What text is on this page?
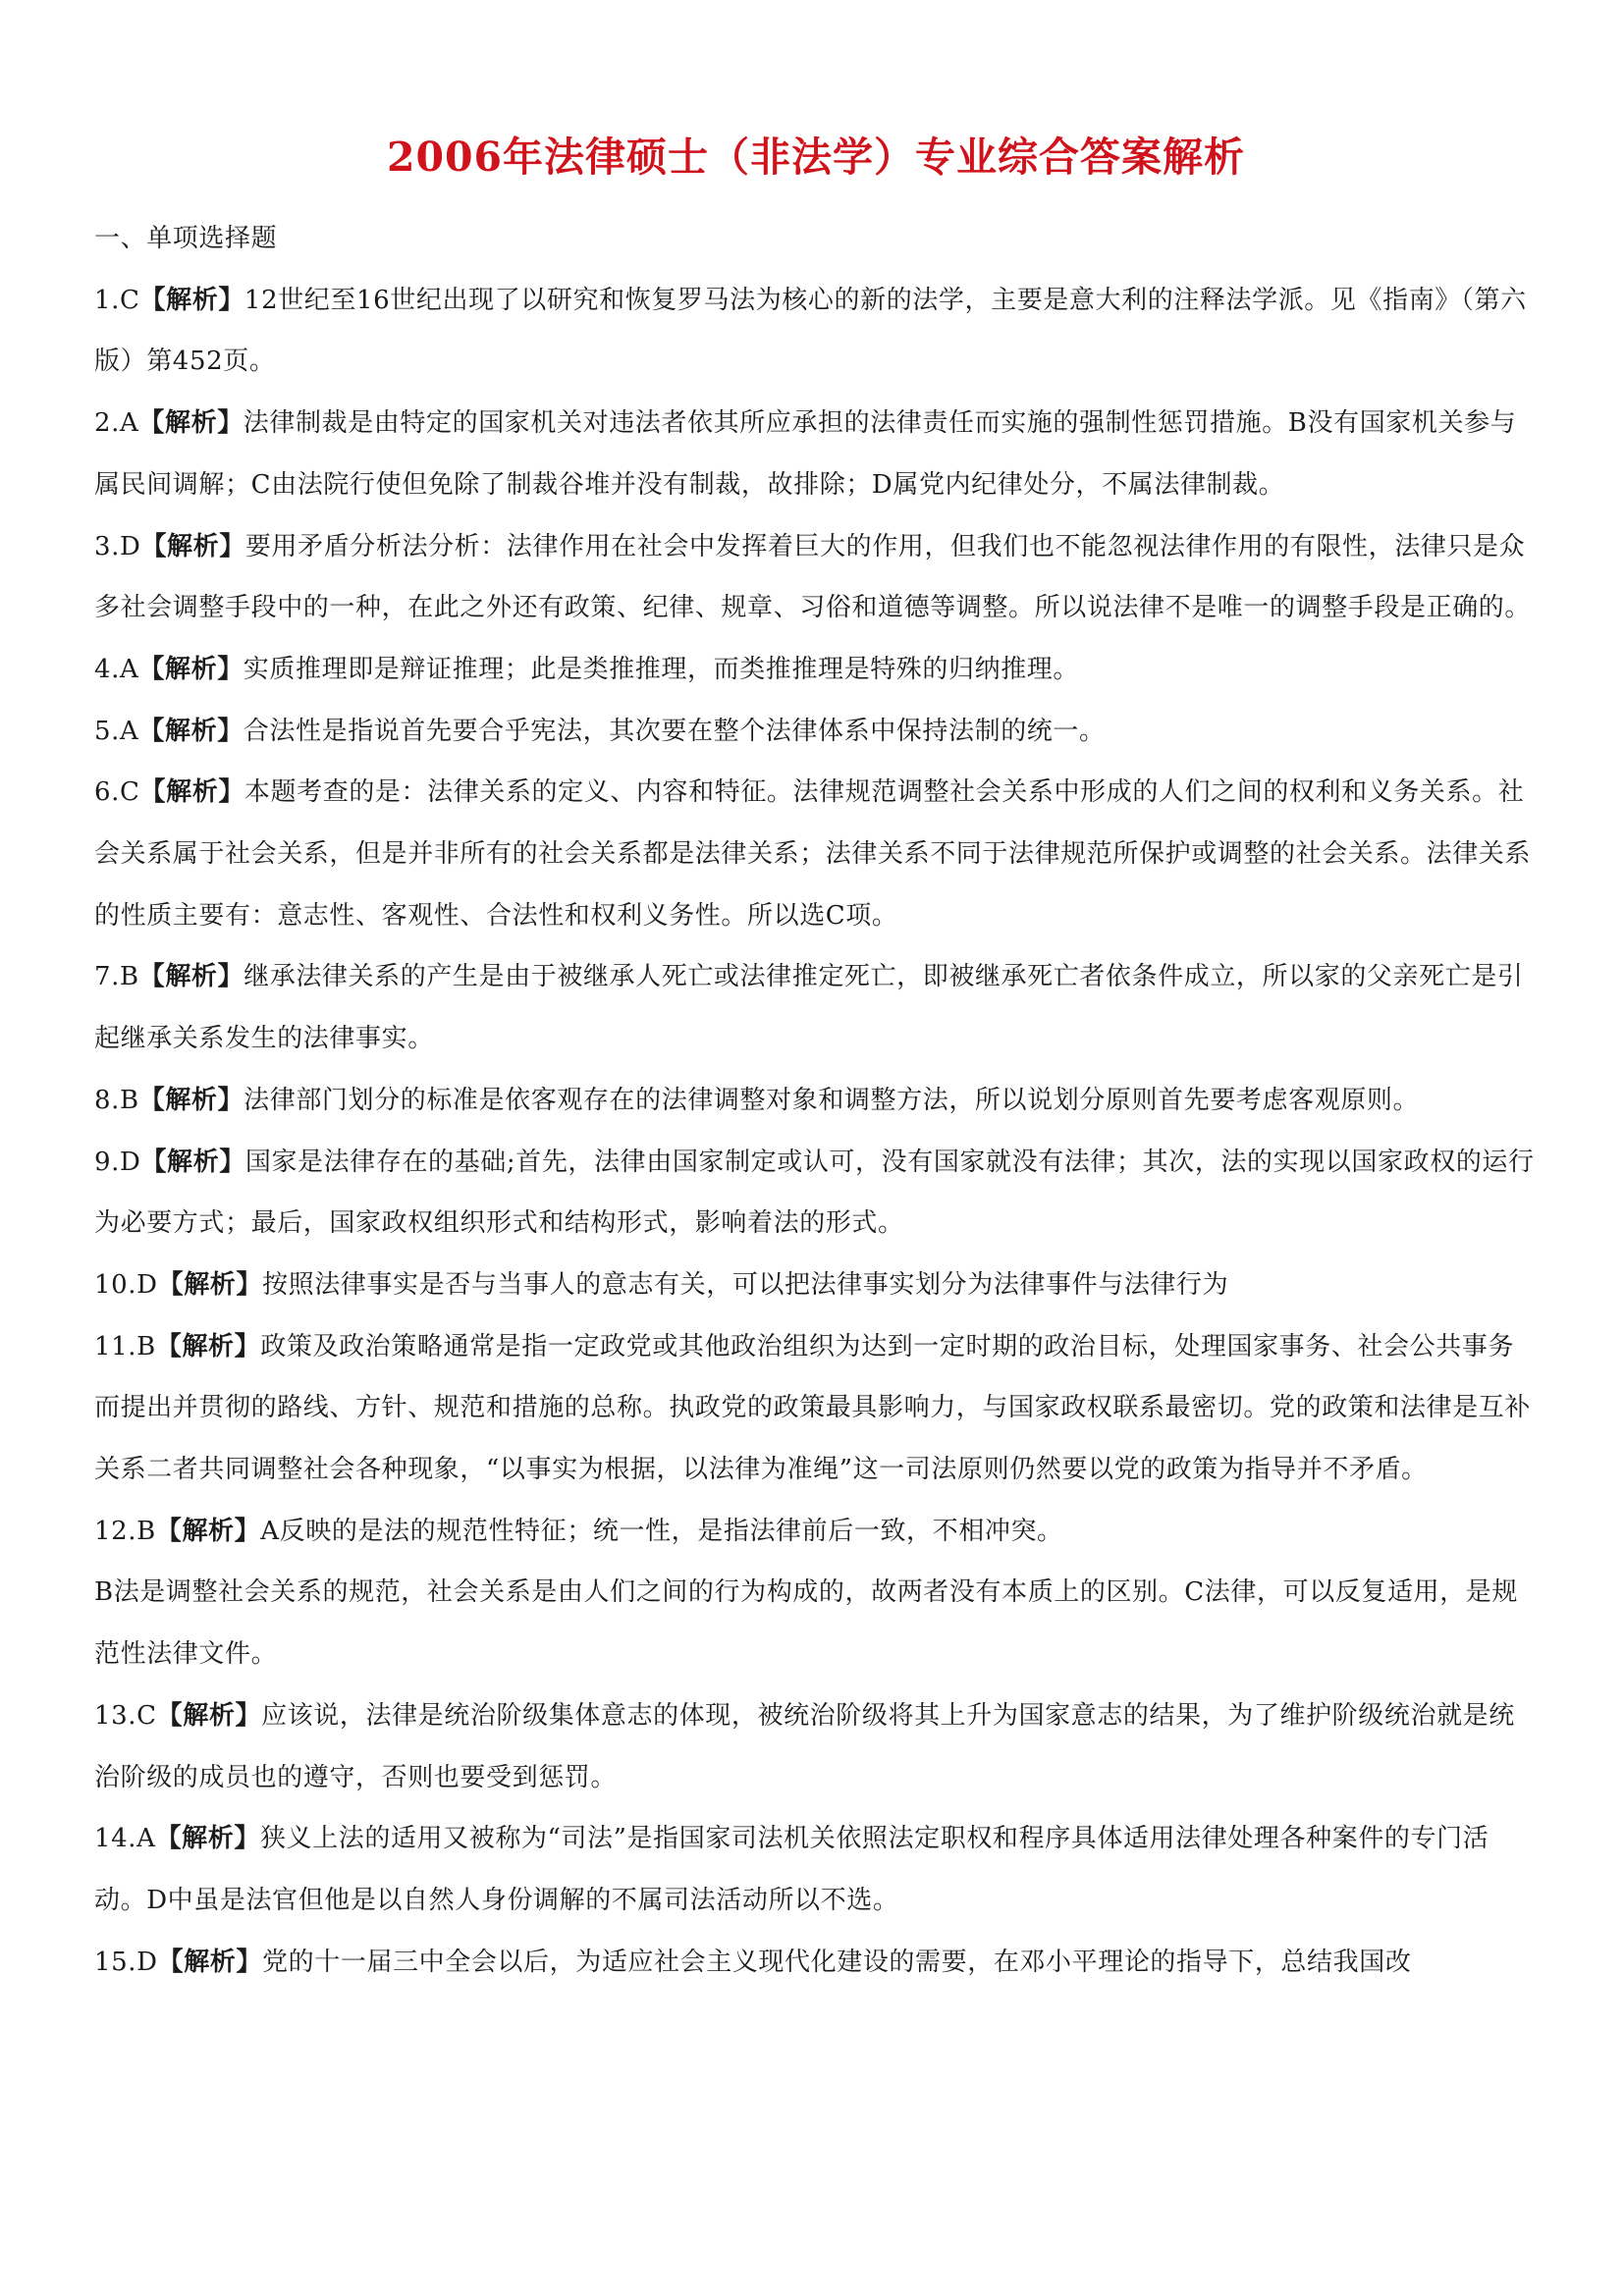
2006年法律硕士（非法学）专业综合答案解析
一、单项选择题

1.C【解析】12世纪至16世纪出现了以研究和恢复罗马法为核心的新的法学，主要是意大利的注释法学派。见《指南》（第六版）第452页。

2.A【解析】法律制裁是由特定的国家机关对违法者依其所应承担的法律责任而实施的强制性惩罚措施。B没有国家机关参与属民间调解；C由法院行使但免除了制裁谷堆并没有制裁，故排除；D属党内纪律处分，不属法律制裁。

3.D【解析】要用矛盾分析法分析：法律作用在社会中发挥着巨大的作用，但我们也不能忽视法律作用的有限性，法律只是众多社会调整手段中的一种，在此之外还有政策、纪律、规章、习俗和道德等调整。所以说法律不是唯一的调整手段是正确的。

4.A【解析】实质推理即是辩证推理；此是类推推理，而类推推理是特殊的归纳推理。

5.A【解析】合法性是指说首先要合乎宪法，其次要在整个法律体系中保持法制的统一。

6.C【解析】本题考查的是：法律关系的定义、内容和特征。法律规范调整社会关系中形成的人们之间的权利和义务关系。社会关系属于社会关系，但是并非所有的社会关系都是法律关系；法律关系不同于法律规范所保护或调整的社会关系。法律关系的性质主要有：意志性、客观性、合法性和权利义务性。所以选C项。

7.B【解析】继承法律关系的产生是由于被继承人死亡或法律推定死亡，即被继承死亡者依条件成立，所以家的父亲死亡是引起继承关系发生的法律事实。

8.B【解析】法律部门划分的标准是依客观存在的法律调整对象和调整方法，所以说划分原则首先要考虑客观原则。

9.D【解析】国家是法律存在的基础;首先，法律由国家制定或认可，没有国家就没有法律；其次，法的实现以国家政权的运行为必要方式；最后，国家政权组织形式和结构形式，影响着法的形式。

10.D【解析】按照法律事实是否与当事人的意志有关，可以把法律事实划分为法律事件与法律行为

11.B【解析】政策及政治策略通常是指一定政党或其他政治组织为达到一定时期的政治目标，处理国家事务、社会公共事务而提出并贯彻的路线、方针、规范和措施的总称。执政党的政策最具影响力，与国家政权联系最密切。党的政策和法律是互补关系二者共同调整社会各种现象，“以事实为根据，以法律为准绳”这一司法原则仍然要以党的政策为指导并不矛盾。

12.B【解析】A反映的是法的规范性特征；统一性，是指法律前后一致，不相冲突。

B法是调整社会关系的规范，社会关系是由人们之间的行为构成的，故两者没有本质上的区别。C法律，可以反复适用，是规范性法律文件。

13.C【解析】应该说，法律是统治阶级集体意志的体现，被统治阶级将其上升为国家意志的结果，为了维护阶级统治就是统治阶级的成员也的遵守，否则也要受到惩罚。

14.A【解析】狭义上法的适用又被称为“司法”是指国家司法机关依照法定职权和程序具体适用法律处理各种案件的专门活动。D中虽是法官但他是以自然人身份调解的不属司法活动所以不选。

15.D【解析】党的十一届三中全会以后，为适应社会主义现代化建设的需要，在邓小平理论的指导下，总结我国改
